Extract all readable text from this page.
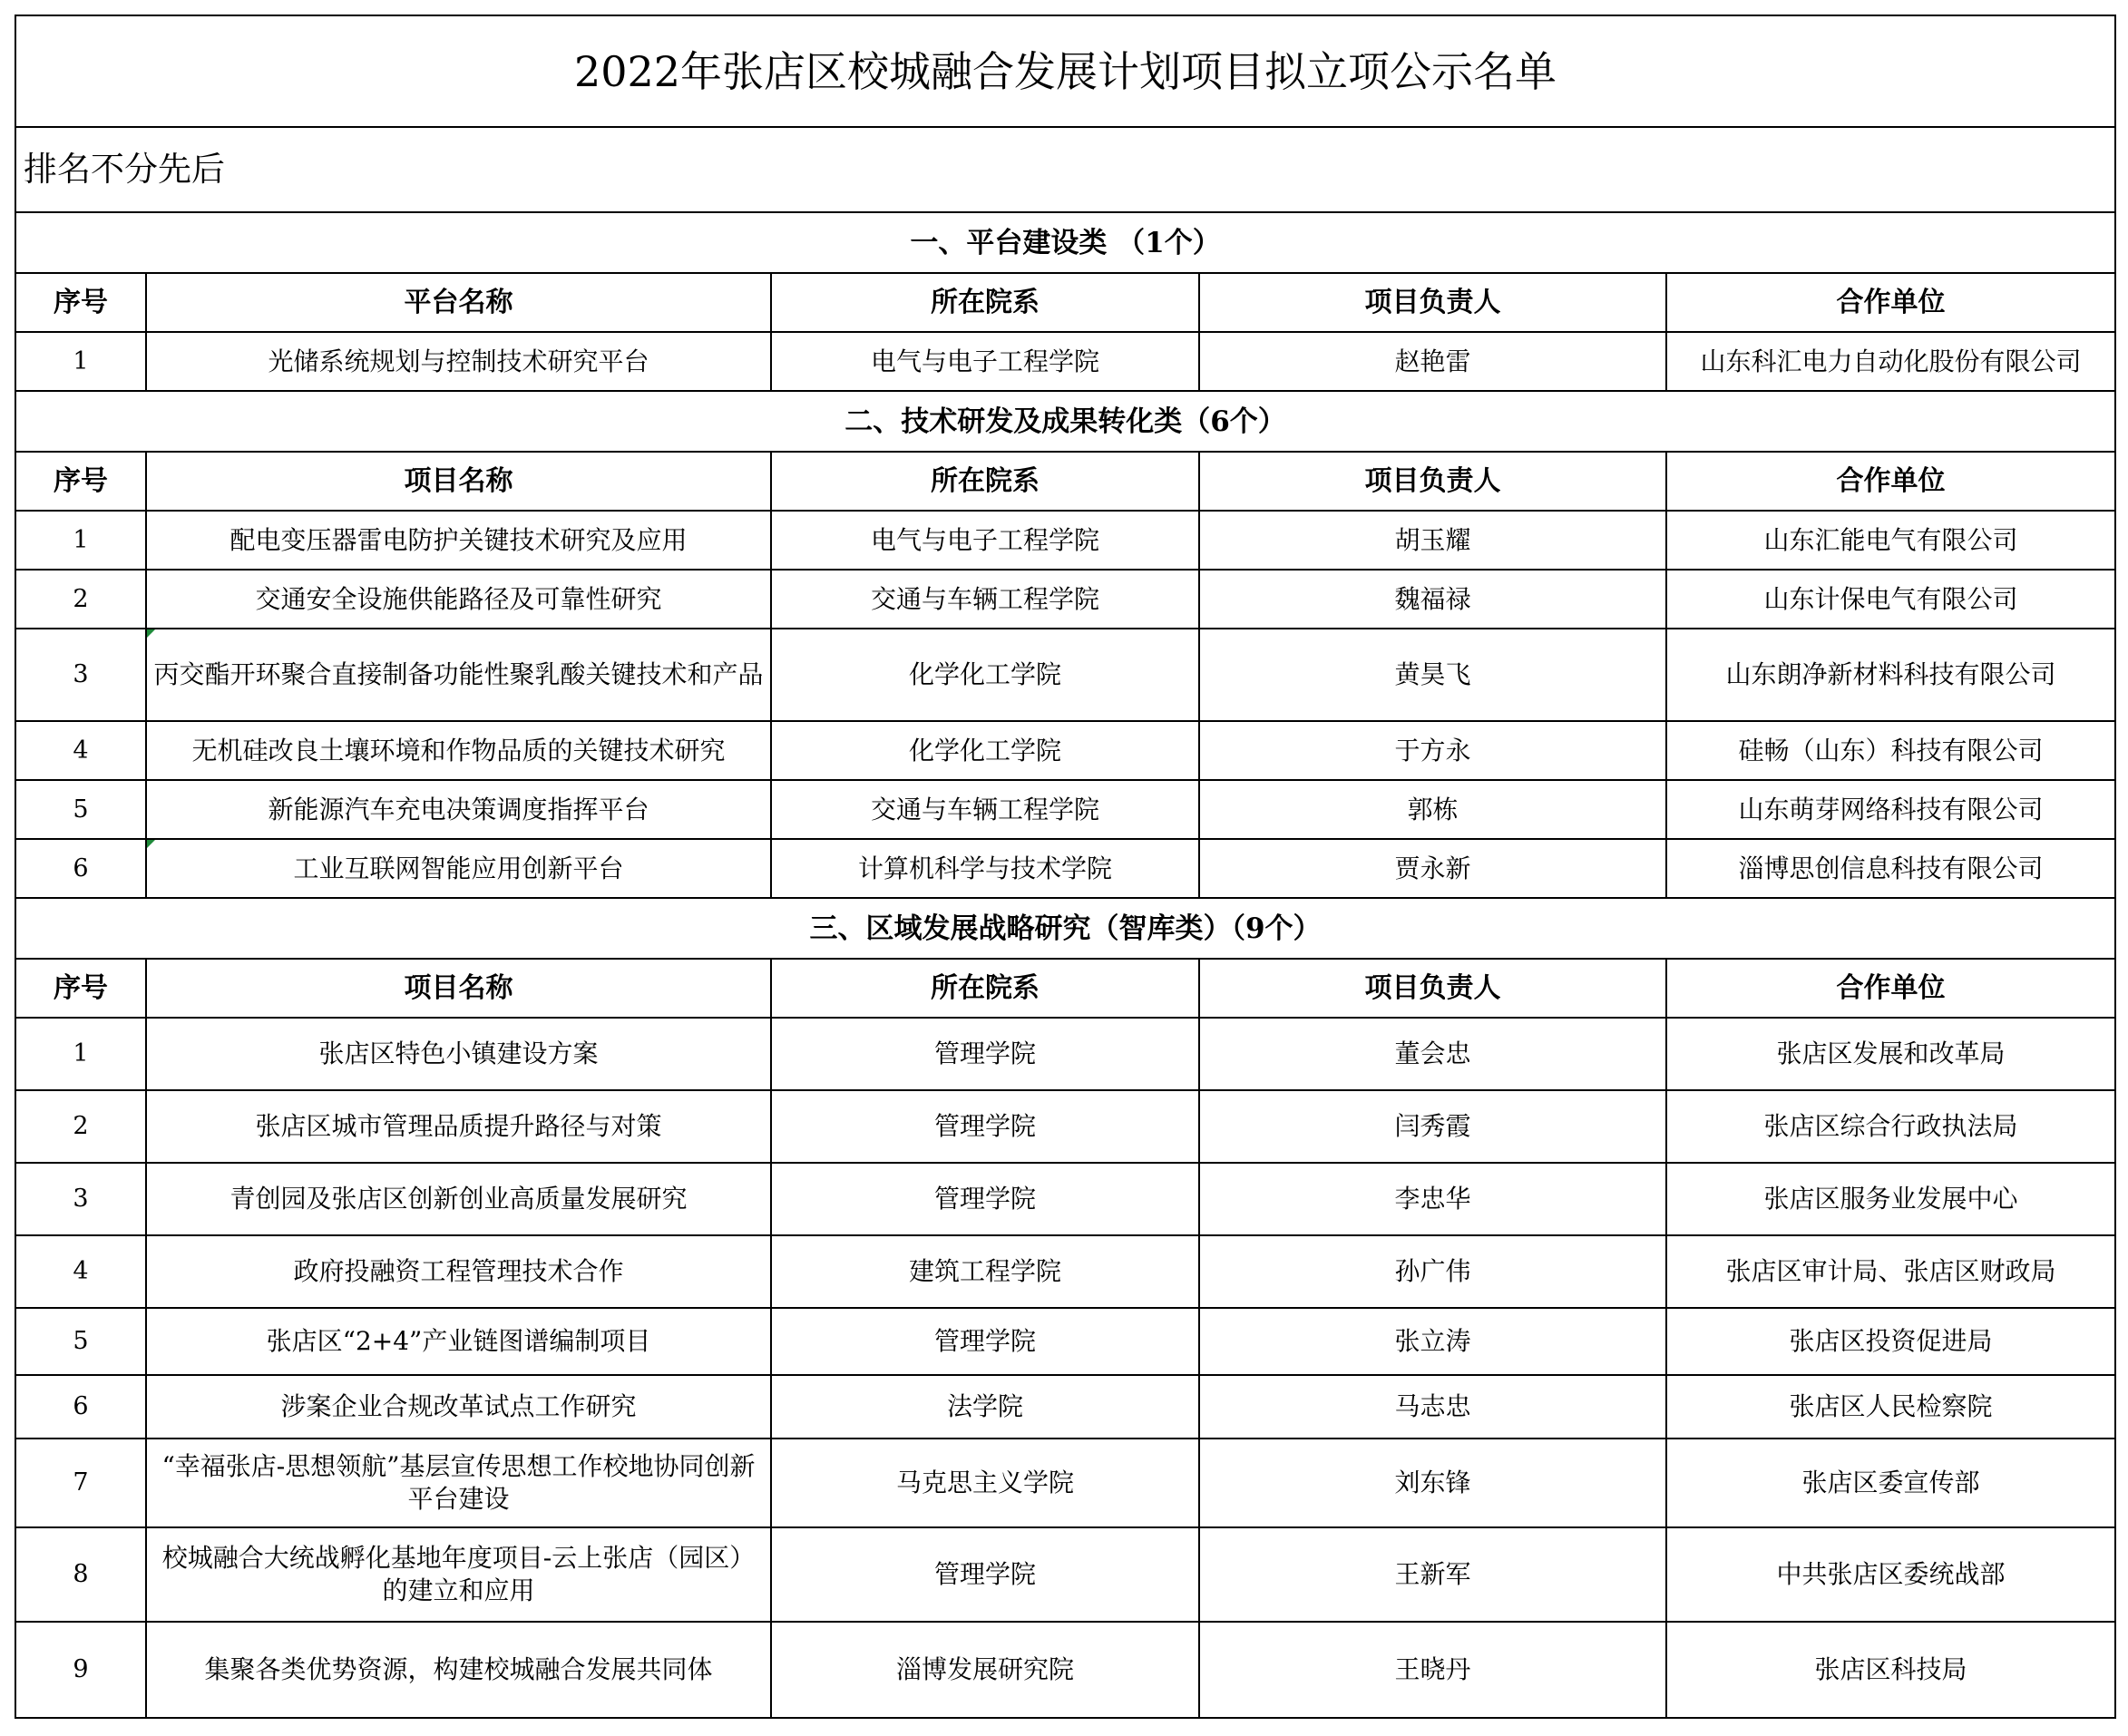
2022年张店区校城融合发展计划项目拟立项公示名单				
排名不分先后				
一、平台建设类 （1个）				
序号	平台名称	所在院系	项目负责人	合作单位
1	光储系统规划与控制技术研究平台	电气与电子工程学院	赵艳雷	山东科汇电力自动化股份有限公司
二、技术研发及成果转化类（6个）				
序号	项目名称	所在院系	项目负责人	合作单位
1	配电变压器雷电防护关键技术研究及应用	电气与电子工程学院	胡玉耀	山东汇能电气有限公司
2	交通安全设施供能路径及可靠性研究	交通与车辆工程学院	魏福禄	山东计保电气有限公司
3	丙交酯开环聚合直接制备功能性聚乳酸关键技术和产品	化学化工学院	黄昊飞	山东朗净新材料科技有限公司
4	无机硅改良土壤环境和作物品质的关键技术研究	化学化工学院	于方永	硅畅（山东）科技有限公司
5	新能源汽车充电决策调度指挥平台	交通与车辆工程学院	郭栋	山东萌芽网络科技有限公司
6	工业互联网智能应用创新平台	计算机科学与技术学院	贾永新	淄博思创信息科技有限公司
三、区域发展战略研究（智库类）（9个）				
序号	项目名称	所在院系	项目负责人	合作单位
1	张店区特色小镇建设方案	管理学院	董会忠	张店区发展和改革局
2	张店区城市管理品质提升路径与对策	管理学院	闫秀霞	张店区综合行政执法局
3	青创园及张店区创新创业高质量发展研究	管理学院	李忠华	张店区服务业发展中心
4	政府投融资工程管理技术合作	建筑工程学院	孙广伟	张店区审计局、张店区财政局
5	张店区“2+4”产业链图谱编制项目	管理学院	张立涛	张店区投资促进局
6	涉案企业合规改革试点工作研究	法学院	马志忠	张店区人民检察院
7	“幸福张店-思想领航”基层宣传思想工作校地协同创新平台建设	马克思主义学院	刘东锋	张店区委宣传部
8	校城融合大统战孵化基地年度项目-云上张店（园区）的建立和应用	管理学院	王新军	中共张店区委统战部
9	集聚各类优势资源，构建校城融合发展共同体	淄博发展研究院	王晓丹	张店区科技局
